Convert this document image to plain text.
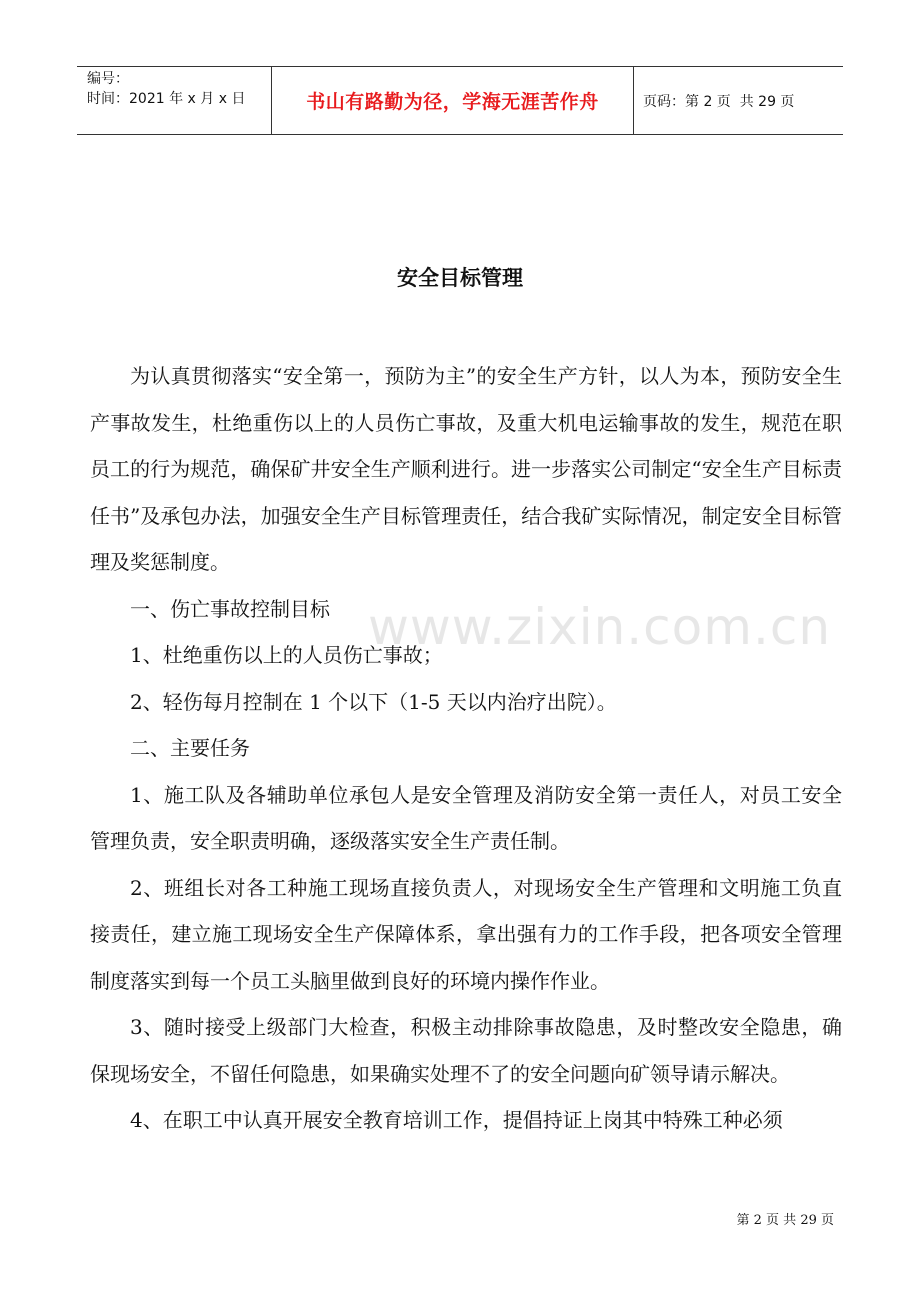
编号：
时间：2021 年 x 月 x 日	书山有路勤为径，学海无涯苦作舟	页码：第 2 页  共 29 页
安全目标管理

为认真贯彻落实“安全第一，预防为主”的安全生产方针，以人为本，预防安全生产事故发生，杜绝重伤以上的人员伤亡事故，及重大机电运输事故的发生，规范在职员工的行为规范，确保矿井安全生产顺利进行。进一步落实公司制定“安全生产目标责任书”及承包办法，加强安全生产目标管理责任，结合我矿实际情况，制定安全目标管理及奖惩制度。

一、伤亡事故控制目标

1、杜绝重伤以上的人员伤亡事故；

2、轻伤每月控制在 1 个以下（1-5 天以内治疗出院）。

二、主要任务

1、施工队及各辅助单位承包人是安全管理及消防安全第一责任人，对员工安全管理负责，安全职责明确，逐级落实安全生产责任制。

2、班组长对各工种施工现场直接负责人，对现场安全生产管理和文明施工负直接责任，建立施工现场安全生产保障体系，拿出强有力的工作手段，把各项安全管理制度落实到每一个员工头脑里做到良好的环境内操作作业。

3、随时接受上级部门大检查，积极主动排除事故隐患，及时整改安全隐患，确保现场安全，不留任何隐患，如果确实处理不了的安全问题向矿领导请示解决。

4、在职工中认真开展安全教育培训工作，提倡持证上岗其中特殊工种必须

www.zixin.com.cn
第 2 页 共 29 页
